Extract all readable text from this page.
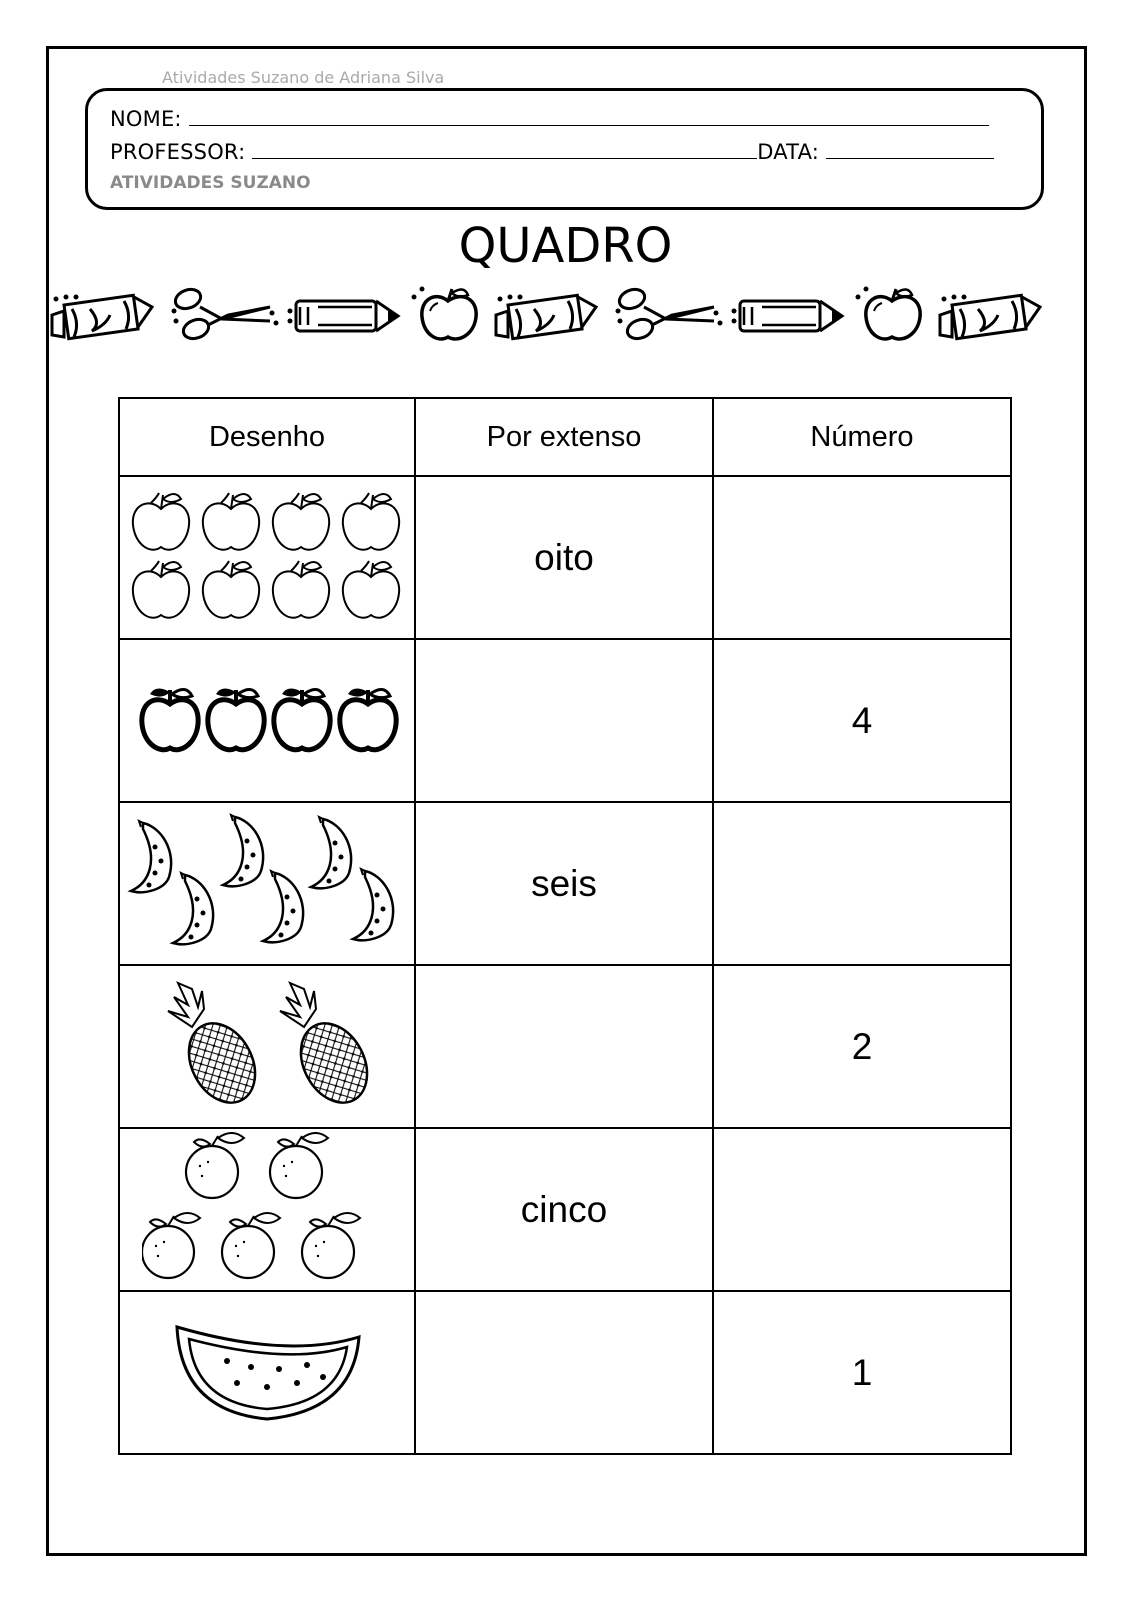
Atividades Suzano de Adriana Silva
NOME:
PROFESSOR:	DATA:
ATIVIDADES SUZANO
QUADRO
Desenho	Por extenso	Número
	oito	
		4
	seis	
		2
	cinco	
		1
